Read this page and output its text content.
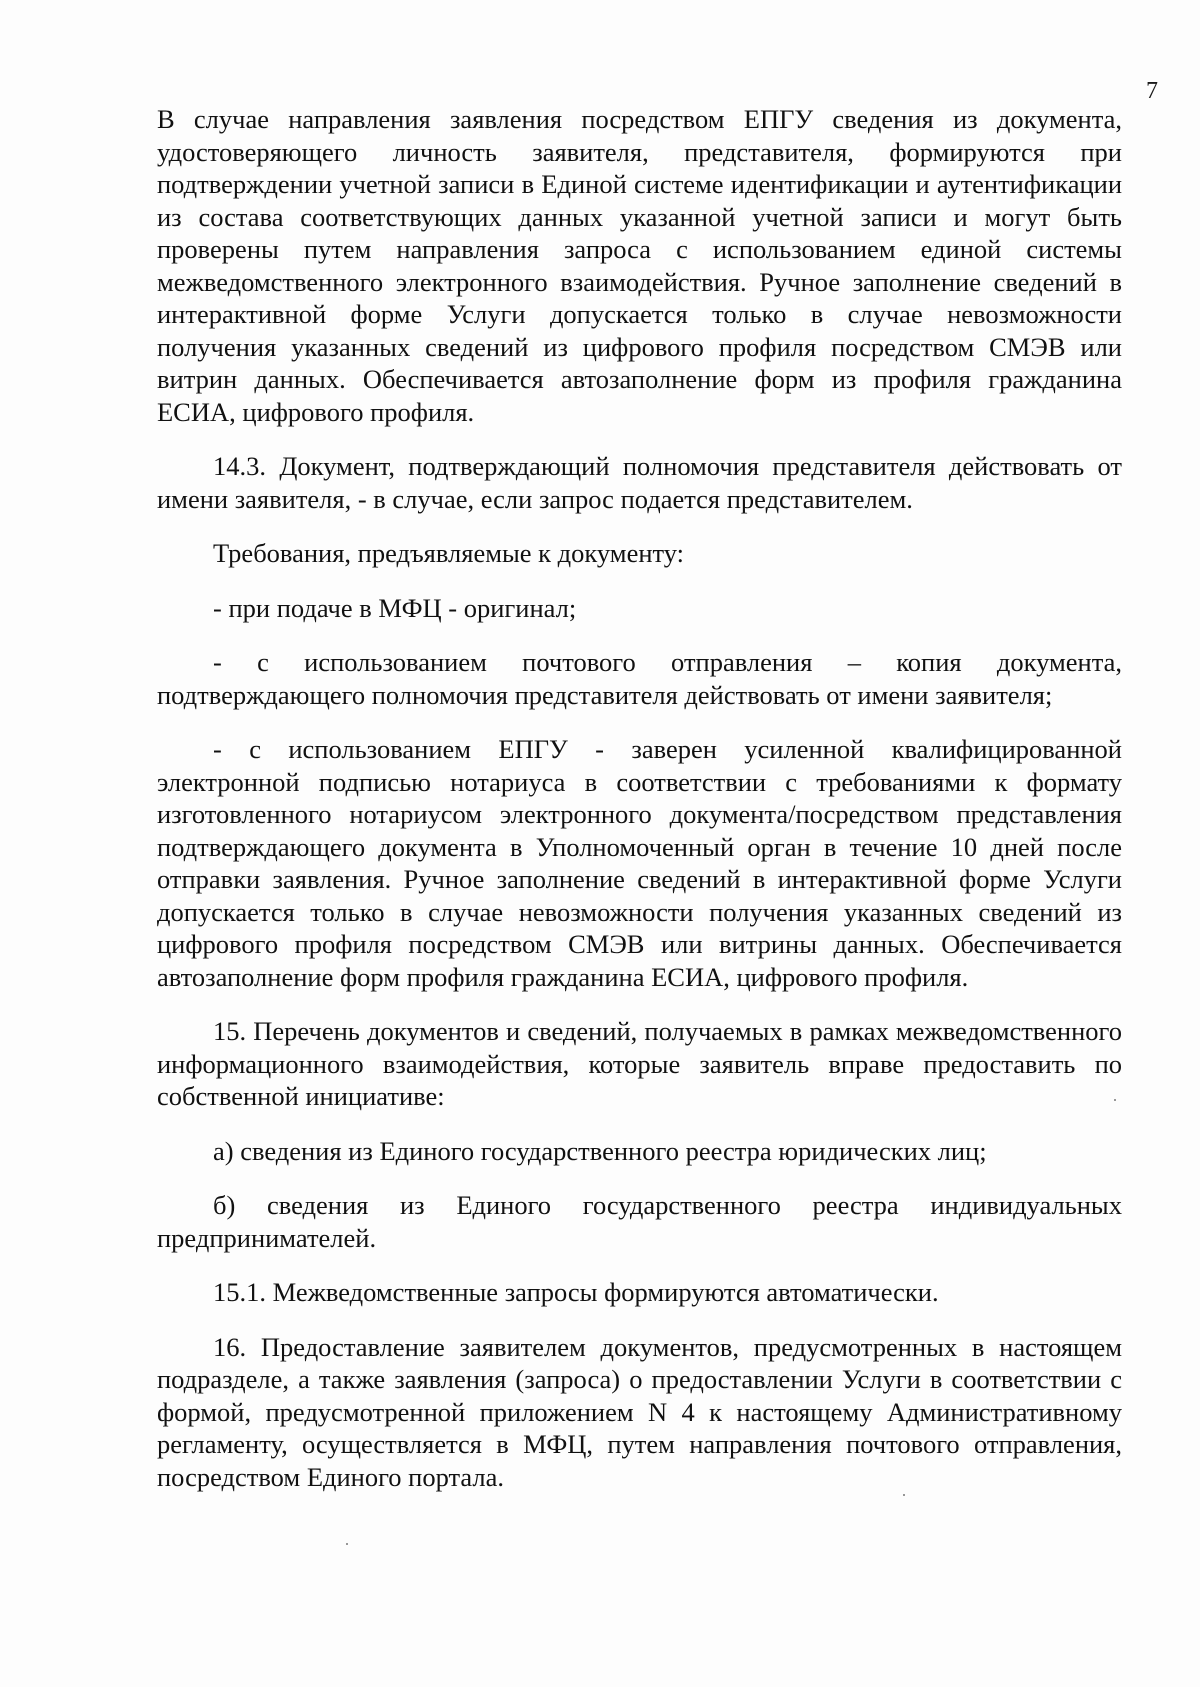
7

В случае направления заявления посредством ЕПГУ сведения из документа, удостоверяющего личность заявителя, представителя, формируются при подтверждении учетной записи в Единой системе идентификации и аутентификации из состава соответствующих данных указанной учетной записи и могут быть проверены путем направления запроса с использованием единой системы межведомственного электронного взаимодействия. Ручное заполнение сведений в интерактивной форме Услуги допускается только в случае невозможности получения указанных сведений из цифрового профиля посредством СМЭВ или витрин данных. Обеспечивается автозаполнение форм из профиля гражданина ЕСИА, цифрового профиля.

14.3. Документ, подтверждающий полномочия представителя действовать от имени заявителя, - в случае, если запрос подается представителем.

Требования, предъявляемые к документу:

- при подаче в МФЦ - оригинал;

- с использованием почтового отправления – копия документа, подтверждающего полномочия представителя действовать от имени заявителя;

- с использованием ЕПГУ - заверен усиленной квалифицированной электронной подписью нотариуса в соответствии с требованиями к формату изготовленного нотариусом электронного документа/посредством представления подтверждающего документа в Уполномоченный орган в течение 10 дней после отправки заявления. Ручное заполнение сведений в интерактивной форме Услуги допускается только в случае невозможности получения указанных сведений из цифрового профиля посредством СМЭВ или витрины данных. Обеспечивается автозаполнение форм профиля гражданина ЕСИА, цифрового профиля.

15. Перечень документов и сведений, получаемых в рамках межведомственного информационного взаимодействия, которые заявитель вправе предоставить по собственной инициативе:

а) сведения из Единого государственного реестра юридических лиц;

б) сведения из Единого государственного реестра индивидуальных предпринимателей.

15.1. Межведомственные запросы формируются автоматически.

16. Предоставление заявителем документов, предусмотренных в настоящем подразделе, а также заявления (запроса) о предоставлении Услуги в соответствии с формой, предусмотренной приложением N 4 к настоящему Административному регламенту, осуществляется в МФЦ, путем направления почтового отправления, посредством Единого портала.
